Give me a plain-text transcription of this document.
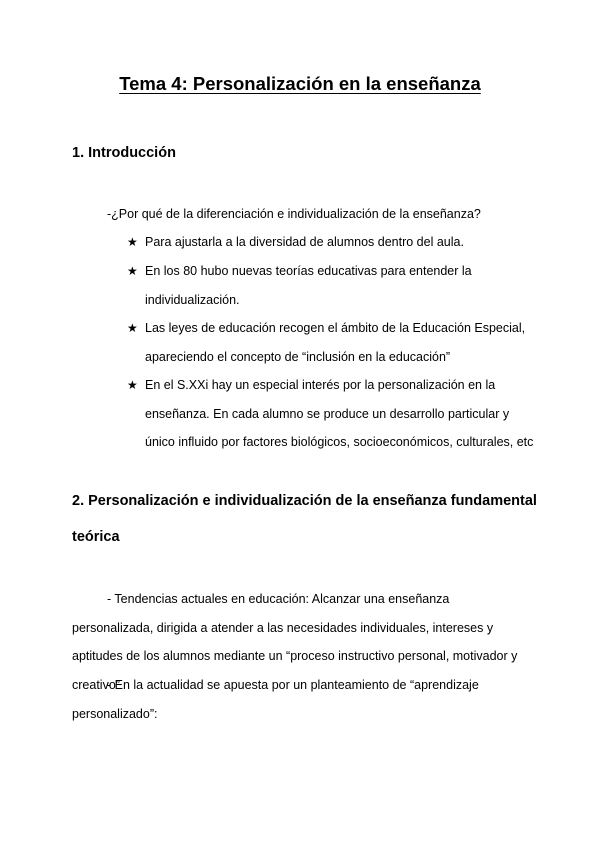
Tema 4: Personalización en la enseñanza
1. Introducción
-¿Por qué de la diferenciación e individualización de la enseñanza?
★ Para ajustarla a la diversidad de alumnos dentro del aula.
★ En los 80 hubo nuevas teorías educativas para entender la individualización.
★ Las leyes de educación recogen el ámbito de la Educación Especial, apareciendo el concepto de “inclusión en la educación”
★ En el S.XXi hay un especial interés por la personalización en la enseñanza. En cada alumno se produce un desarrollo particular y único influido por factores biológicos, socioeconómicos, culturales, etc
2. Personalización e individualización de la enseñanza fundamental
teórica
- Tendencias actuales en educación: Alcanzar una enseñanza personalizada, dirigida a atender a las necesidades individuales, intereses y aptitudes de los alumnos mediante un “proceso instructivo personal, motivador y creativo”
- En la actualidad se apuesta por un planteamiento de “aprendizaje personalizado”:
